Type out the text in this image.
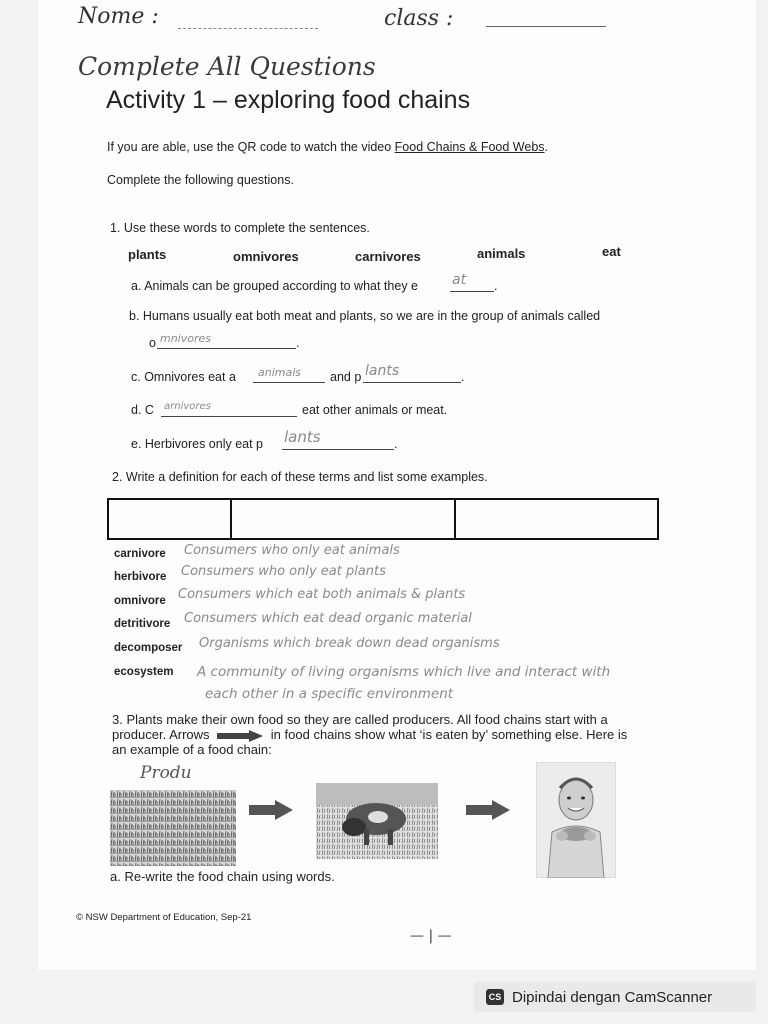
Nome :	class :
Complete All Questions
Activity 1 – exploring food chains
If you are able, use the QR code to watch the video Food Chains & Food Webs.
Complete the following questions.
1. Use these words to complete the sentences.
plants	omnivores	carnivores	animals	eat
a. Animals can be grouped according to what they e at .
b. Humans usually eat both meat and plants, so we are in the group of animals called
o mnivores	.
c. Omnivores eat a animals and p lants	.
d. C arnivores	eat other animals or meat.
e. Herbivores only eat p lants	.
2. Write a definition for each of these terms and list some examples.
carnivore Consumers who only eat animals
herbivore Consumers who only eat plants
omnivore Consumers which eat both animals & plants
detritivore Consumers which eat dead organic material
decomposer Organisms which break down dead organisms
ecosystem A community of living organisms which live and interact with
each other in a specific environment
3. Plants make their own food so they are called producers. All food chains start with a
producer. Arrows	in food chains show what ‘is eaten by’ something else. Here is
an example of a food chain:
Produ
a. Re-write the food chain using words.
© NSW Department of Education, Sep-21
— | —
CS Dipindai dengan CamScanner
